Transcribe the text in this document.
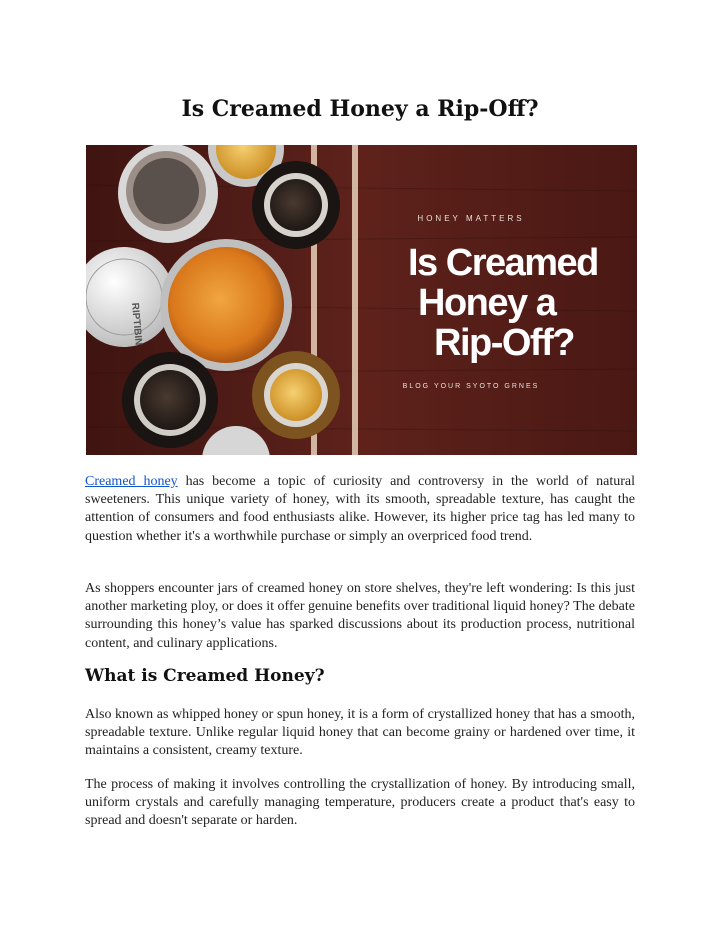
Is Creamed Honey a Rip-Off?
RIPTIBIN
HONEY MATTERS
Is Creamed
Honey a
Rip-Off?
BLOG YOUR SYOTO GRNES

Creamed honey has become a topic of curiosity and controversy in the world of natural sweeteners. This unique variety of honey, with its smooth, spreadable texture, has caught the attention of consumers and food enthusiasts alike. However, its higher price tag has led many to question whether it's a worthwhile purchase or simply an overpriced food trend.

As shoppers encounter jars of creamed honey on store shelves, they're left wondering: Is this just another marketing ploy, or does it offer genuine benefits over traditional liquid honey? The debate surrounding this honey’s value has sparked discussions about its production process, nutritional content, and culinary applications.

What is Creamed Honey?

Also known as whipped honey or spun honey, it is a form of crystallized honey that has a smooth, spreadable texture. Unlike regular liquid honey that can become grainy or hardened over time, it maintains a consistent, creamy texture.

The process of making it involves controlling the crystallization of honey. By introducing small, uniform crystals and carefully managing temperature, producers create a product that's easy to spread and doesn't separate or harden.
